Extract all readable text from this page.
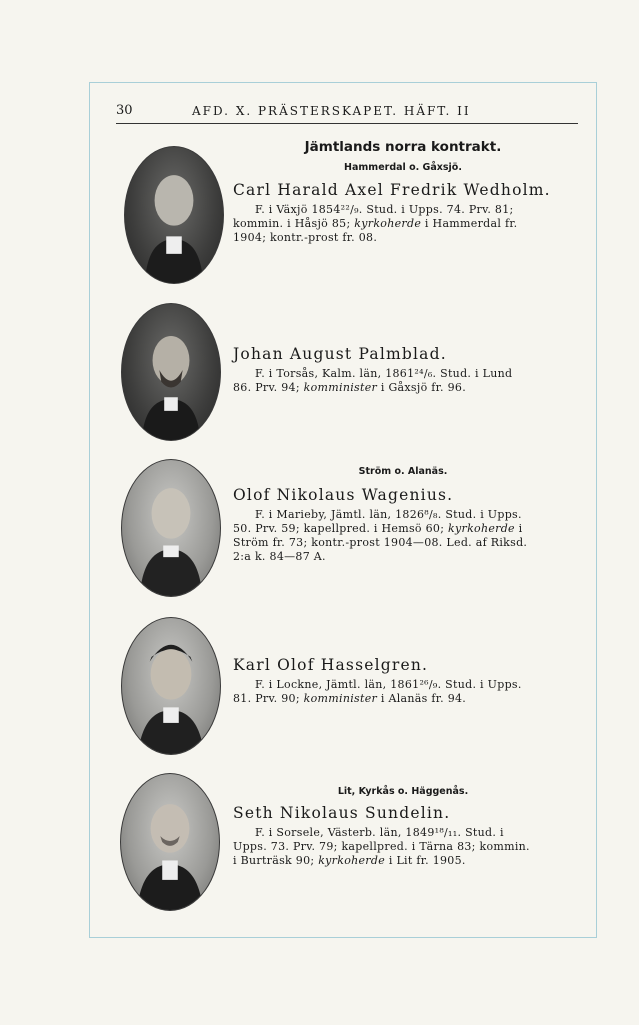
30	AFD. X. PRÄSTERSKAPET. HÄFT. II
Jämtlands norra kontrakt.
Hammerdal o. Gåxsjö.
Ström o. Alanäs.
Lit, Kyrkås o. Häggenås.
Carl Harald Axel Fredrik Wedholm.
F. i Växjö 1854²²/₉. Stud. i Upps. 74. Prv. 81;
kommin. i Håsjö 85; kyrkoherde i Hammerdal fr.
1904; kontr.-prost fr. 08.
Johan August Palmblad.
F. i Torsås, Kalm. län, 1861²⁴/₆. Stud. i Lund
86. Prv. 94; komminister i Gåxsjö fr. 96.
Olof Nikolaus Wagenius.
F. i Marieby, Jämtl. län, 1826⁸/₈. Stud. i Upps.
50. Prv. 59; kapellpred. i Hemsö 60; kyrkoherde i
Ström fr. 73; kontr.-prost 1904—08. Led. af Riksd.
2:a k. 84—87 A.
Karl Olof Hasselgren.
F. i Lockne, Jämtl. län, 1861²⁶/₉. Stud. i Upps.
81. Prv. 90; komminister i Alanäs fr. 94.
Seth Nikolaus Sundelin.
F. i Sorsele, Västerb. län, 1849¹⁸/₁₁. Stud. i
Upps. 73. Prv. 79; kapellpred. i Tärna 83; kommin.
i Burträsk 90; kyrkoherde i Lit fr. 1905.
